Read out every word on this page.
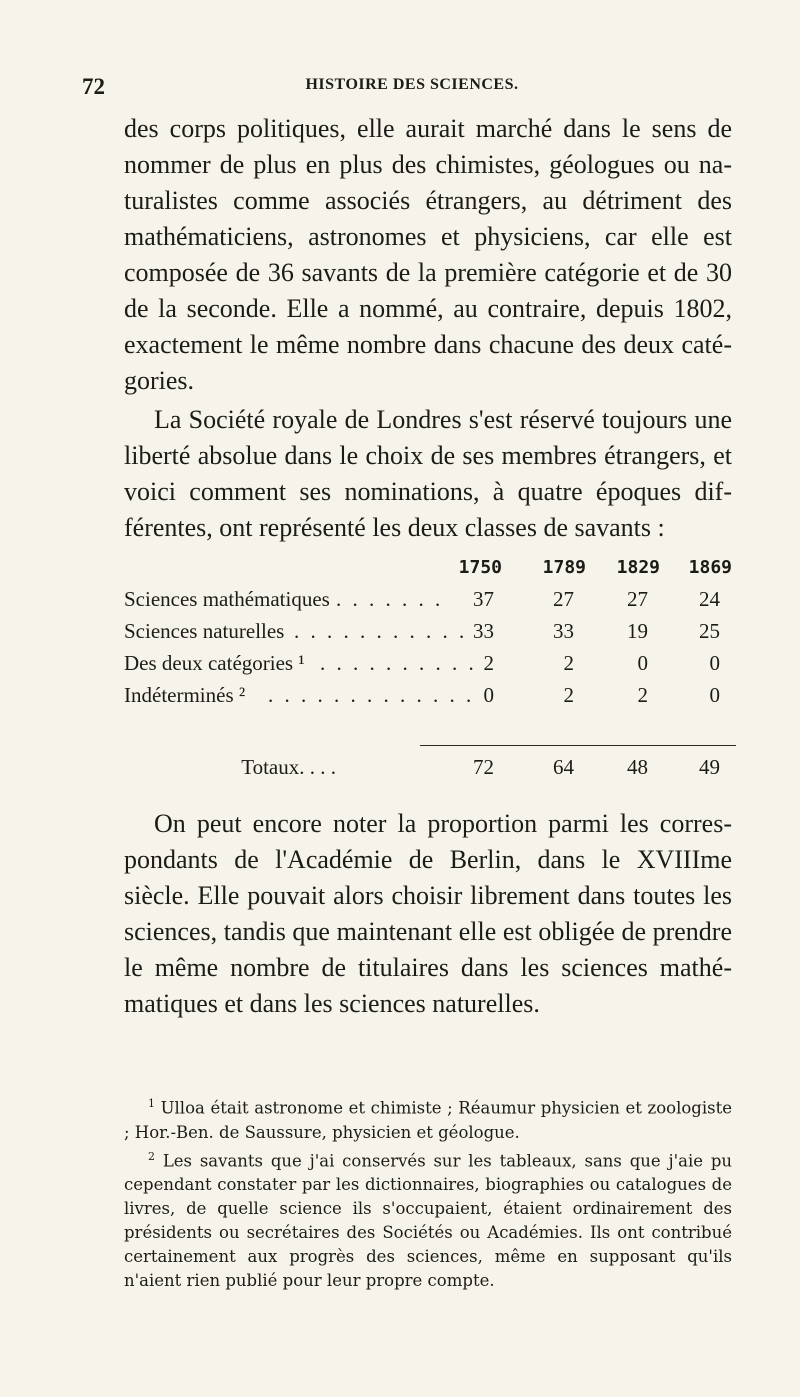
72	HISTOIRE DES SCIENCES.
des corps politiques, elle aurait marché dans le sens de nommer de plus en plus des chimistes, géologues ou naturalistes comme associés étrangers, au détriment des mathématiciens, astronomes et physiciens, car elle est composée de 36 savants de la première catégorie et de 30 de la seconde. Elle a nommé, au contraire, depuis 1802, exactement le même nombre dans chacune des deux catégories.
La Société royale de Londres s'est réservé toujours une liberté absolue dans le choix de ses membres étrangers, et voici comment ses nominations, à quatre époques différentes, ont représenté les deux classes de savants :
1750	1789	1829	1869
Sciences mathématiques . . . . . . .	37	27	27	24
Sciences naturelles . . . . . . . . . . . 33	33	19	25
Des deux catégories ¹ . . . . . . . . . . 2	2	0	0
Indéterminés ² . . . . . . . . . . . . . 0	2	2	0
Totaux. . . .	72	64	48	49
On peut encore noter la proportion parmi les correspondants de l'Académie de Berlin, dans le XVIIIme siècle. Elle pouvait alors choisir librement dans toutes les sciences, tandis que maintenant elle est obligée de prendre le même nombre de titulaires dans les sciences mathématiques et dans les sciences naturelles.

$^1$ Ulloa était astronome et chimiste ; Réaumur physicien et zoologiste ; Hor.-Ben. de Saussure, physicien et géologue.

$^2$ Les savants que j'ai conservés sur les tableaux, sans que j'aie pu cependant constater par les dictionnaires, biographies ou catalogues de livres, de quelle science ils s'occupaient, étaient ordinairement des présidents ou secrétaires des Sociétés ou Académies. Ils ont contribué certainement aux progrès des sciences, même en supposant qu'ils n'aient rien publié pour leur propre compte.
